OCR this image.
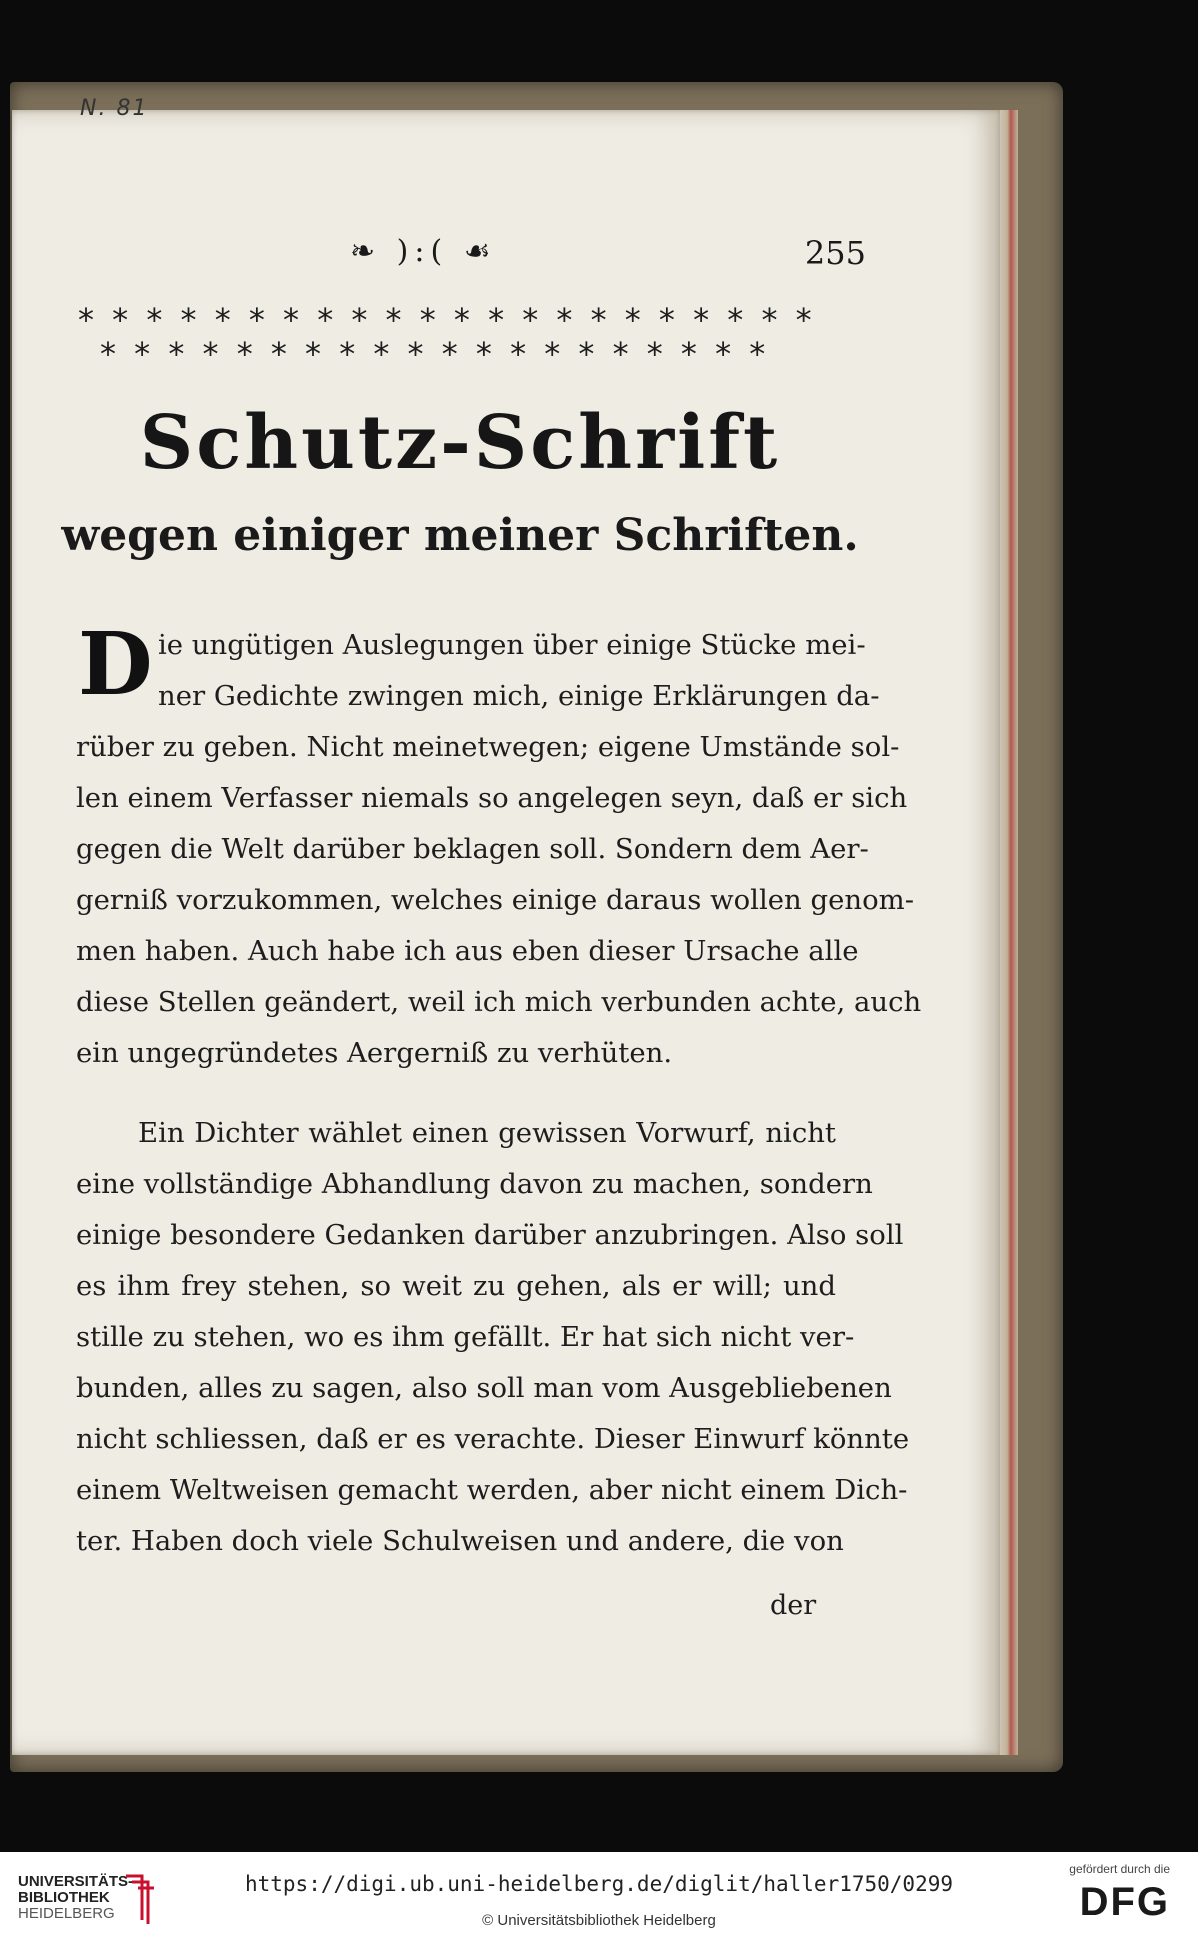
N. 81
❧ ):( ☙	255
* * * * * * * * * * * * * * * * * * * * * *
* * * * * * * * * * * * * * * * * * * *
Schutz-Schrift
wegen einiger meiner Schriften.
D ie ungütigen Auslegungen über einige Stücke mei-
ner Gedichte zwingen mich, einige Erklärungen da-
rüber zu geben. Nicht meinetwegen; eigene Umstände sol-
len einem Verfasser niemals so angelegen seyn, daß er sich
gegen die Welt darüber beklagen soll. Sondern dem Aer-
gerniß vorzukommen, welches einige daraus wollen genom-
men haben. Auch habe ich aus eben dieser Ursache alle
diese Stellen geändert, weil ich mich verbunden achte, auch
ein ungegründetes Aergerniß zu verhüten.
Ein Dichter wählet einen gewissen Vorwurf, nicht
eine vollständige Abhandlung davon zu machen, sondern
einige besondere Gedanken darüber anzubringen. Also soll
es ihm frey stehen, so weit zu gehen, als er will; und
stille zu stehen, wo es ihm gefällt. Er hat sich nicht ver-
bunden, alles zu sagen, also soll man vom Ausgebliebenen
nicht schliessen, daß er es verachte. Dieser Einwurf könnte
einem Weltweisen gemacht werden, aber nicht einem Dich-
ter. Haben doch viele Schulweisen und andere, die von
der
UNIVERSITÄTS-
BIBLIOTHEK
HEIDELBERG
https://digi.ub.uni-heidelberg.de/diglit/haller1750/0299
© Universitätsbibliothek Heidelberg
gefördert durch die
DFG
